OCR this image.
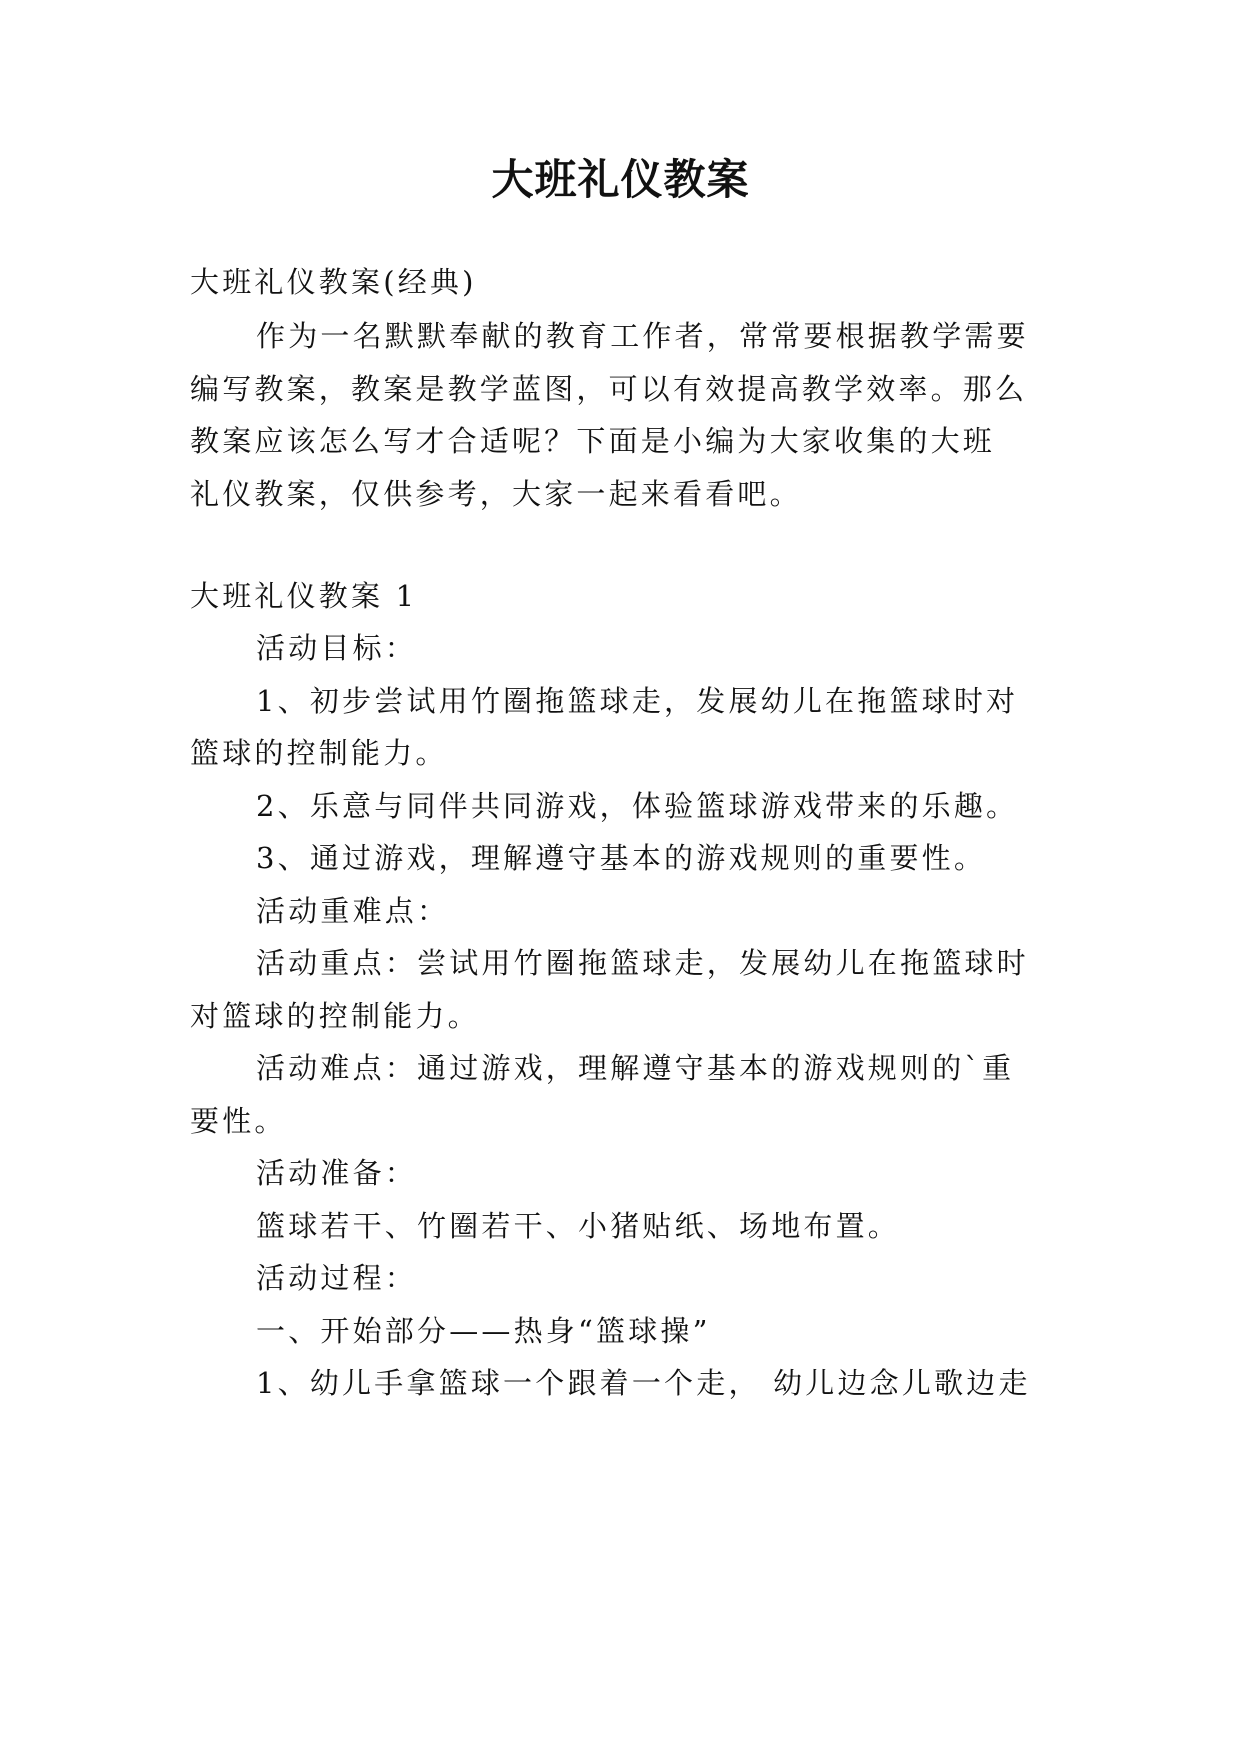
大班礼仪教案

大班礼仪教案(经典)

作为一名默默奉献的教育工作者，常常要根据教学需要

编写教案，教案是教学蓝图，可以有效提高教学效率。那么

教案应该怎么写才合适呢？下面是小编为大家收集的大班

礼仪教案，仅供参考，大家一起来看看吧。

大班礼仪教案 1

活动目标：

1、初步尝试用竹圈拖篮球走，发展幼儿在拖篮球时对

篮球的控制能力。

2、乐意与同伴共同游戏，体验篮球游戏带来的乐趣。

3、通过游戏，理解遵守基本的游戏规则的重要性。

活动重难点：

活动重点：尝试用竹圈拖篮球走，发展幼儿在拖篮球时

对篮球的控制能力。

活动难点：通过游戏，理解遵守基本的游戏规则的`重

要性。

活动准备：

篮球若干、竹圈若干、小猪贴纸、场地布置。

活动过程：

一、开始部分——热身“篮球操”

1、幼儿手拿篮球一个跟着一个走， 幼儿边念儿歌边走
